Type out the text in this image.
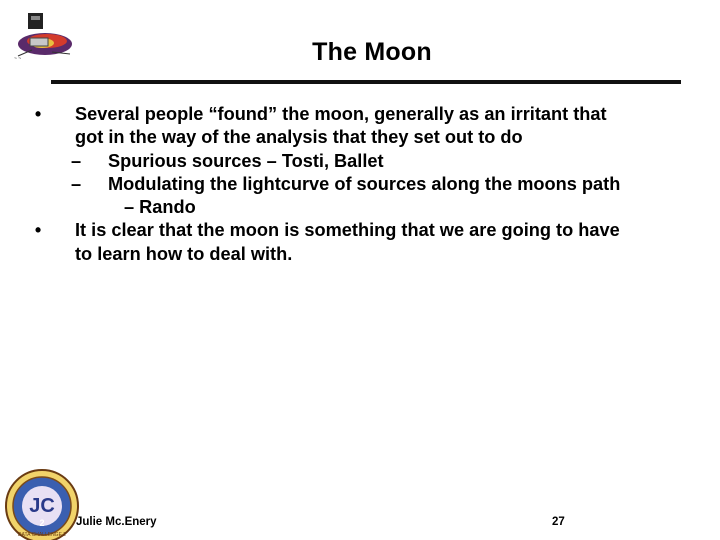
~ ~	The Moon
•	Several people “found” the moon, generally as an irritant that
got in the way of the analysis that they set out to do
– Spurious sources – Tosti, Ballet
– Modulating the lightcurve of sources along the moons path
– Rando
•	It is clear that the moon is something that we are going to have
to learn how to deal with.
JC
2
DATA CHALLENGE 2
Julie Mc.Enery	27
